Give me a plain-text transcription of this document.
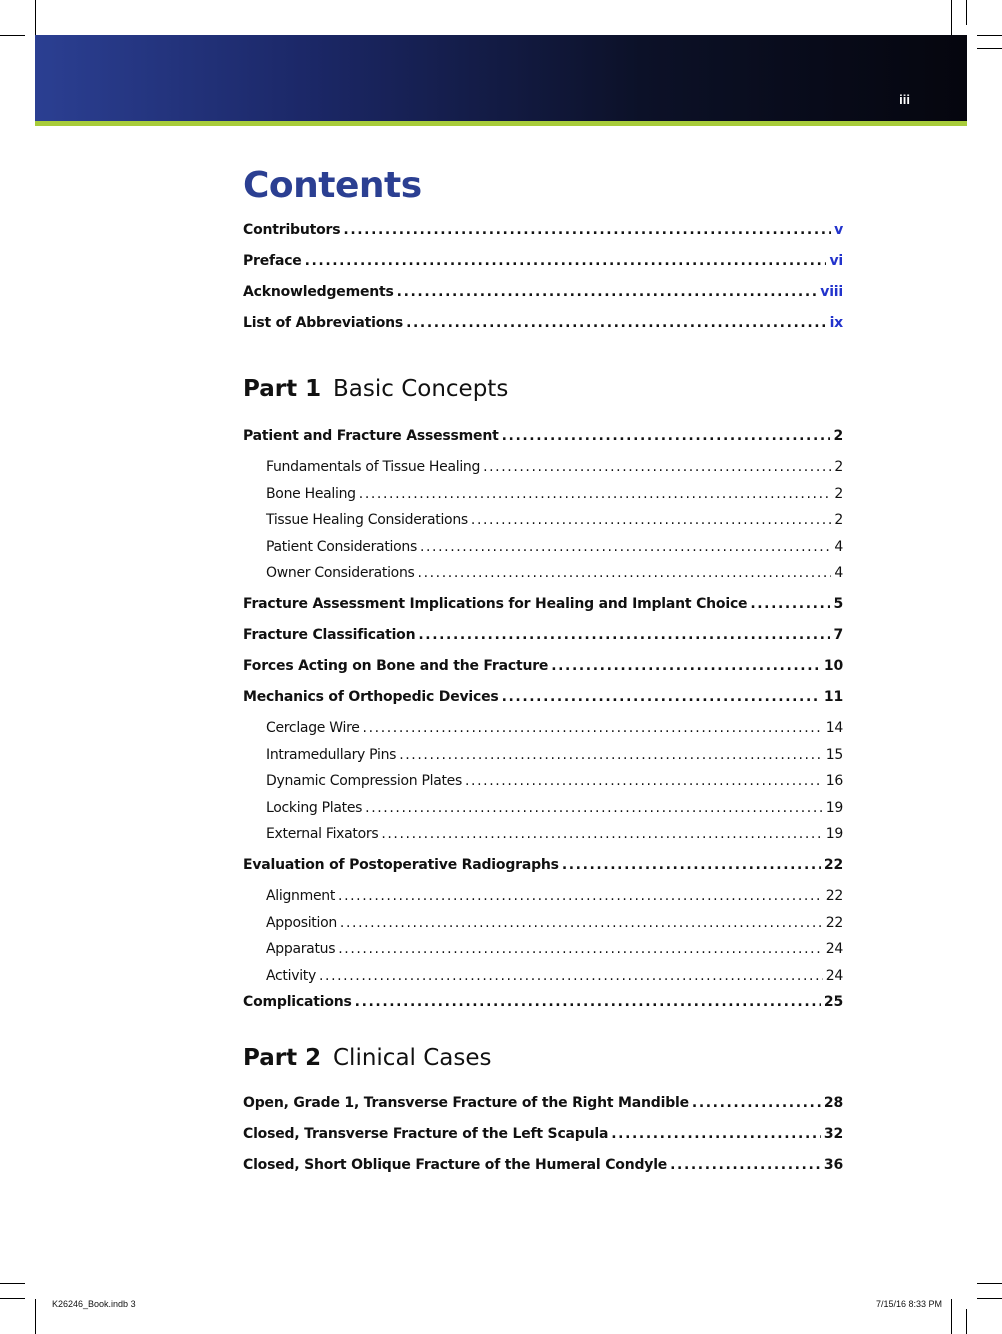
iii
Contents
Contributors .....	v
Preface .....	vi
Acknowledgements .....	viii
List of Abbreviations .....	ix
Part 1 Basic Concepts
Patient and Fracture Assessment .....	2
Fundamentals of Tissue Healing .....	2
Bone Healing .....	2
Tissue Healing Considerations .....	2
Patient Considerations .....	4
Owner Considerations .....	4
Fracture Assessment Implications for Healing and Implant Choice .....	5
Fracture Classification .....	7
Forces Acting on Bone and the Fracture .....	10
Mechanics of Orthopedic Devices .....	11
Cerclage Wire .....	14
Intramedullary Pins .....	15
Dynamic Compression Plates .....	16
Locking Plates .....	19
External Fixators .....	19
Evaluation of Postoperative Radiographs .....	22
Alignment .....	22
Apposition .....	22
Apparatus .....	24
Activity .....	24
Complications .....	25
Part 2 Clinical Cases
Open, Grade 1, Transverse Fracture of the Right Mandible .....	28
Closed, Transverse Fracture of the Left Scapula .....	32
Closed, Short Oblique Fracture of the Humeral Condyle .....	36
K26246_Book.indb 3	7/15/16 8:33 PM
